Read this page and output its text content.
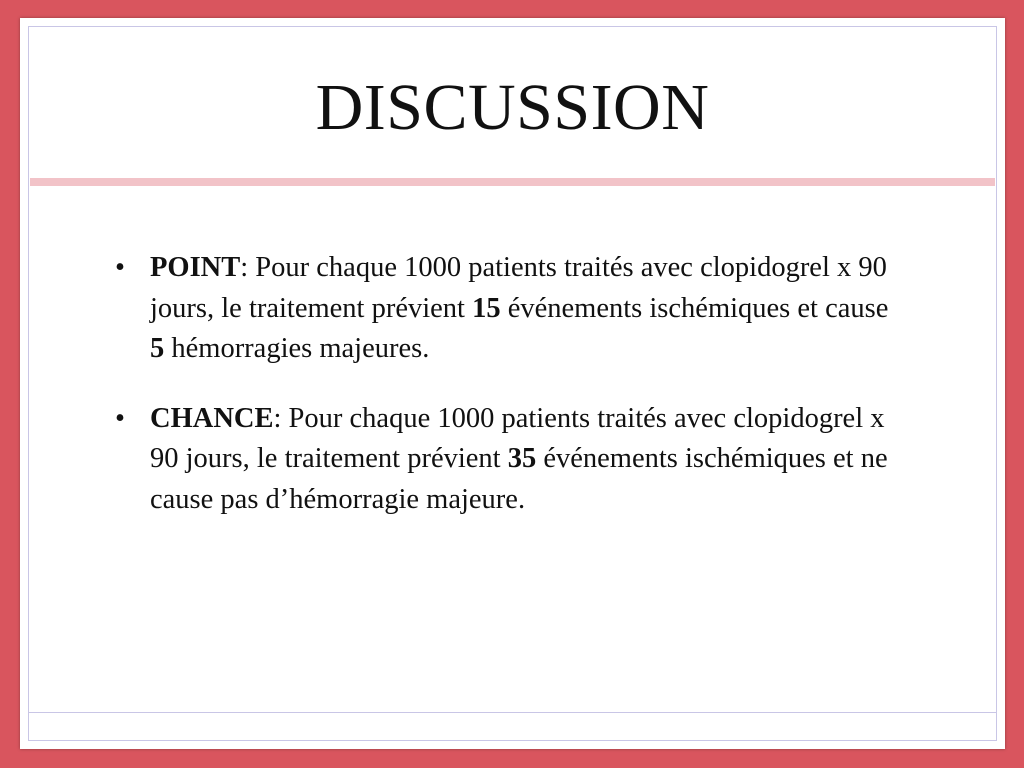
DISCUSSION
• POINT: Pour chaque 1000 patients traités avec clopidogrel x 90 jours, le traitement prévient 15 événements ischémiques et cause 5 hémorragies majeures.
• CHANCE: Pour chaque 1000 patients traités avec clopidogrel x 90 jours, le traitement prévient 35 événements ischémiques et ne cause pas d’hémorragie majeure.
